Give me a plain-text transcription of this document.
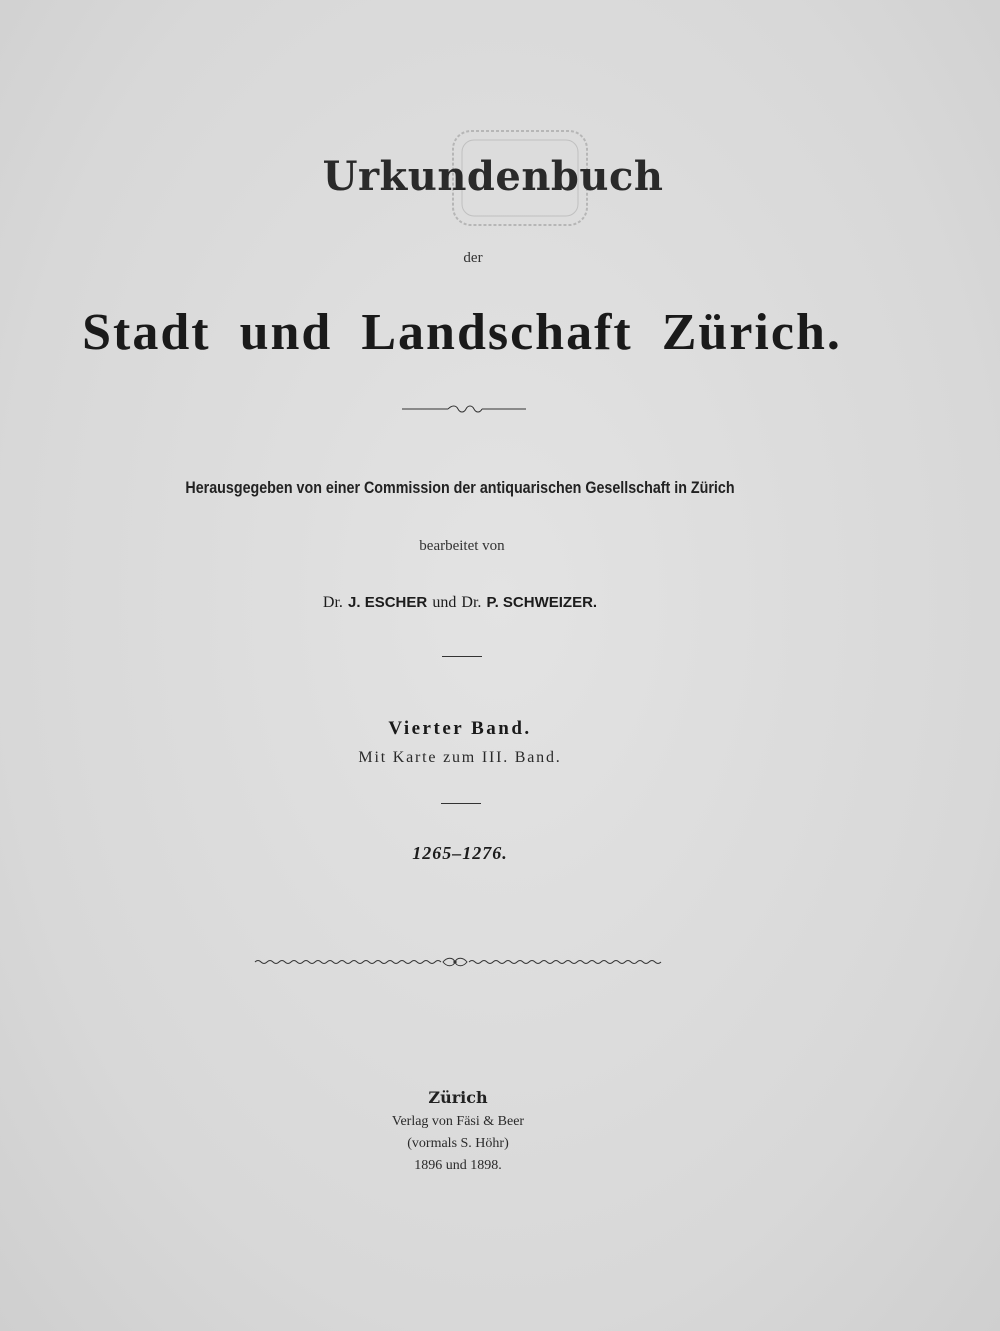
Urkundenbuch
der
Stadt und Landschaft Zürich.
Herausgegeben von einer Commission der antiquarischen Gesellschaft in Zürich
bearbeitet von
Dr. J. ESCHER und Dr. P. SCHWEIZER.
Vierter Band.
Mit Karte zum III. Band.
1265–1276.
Zürich
Verlag von Fäsi & Beer
(vormals S. Höhr)
1896 und 1898.
